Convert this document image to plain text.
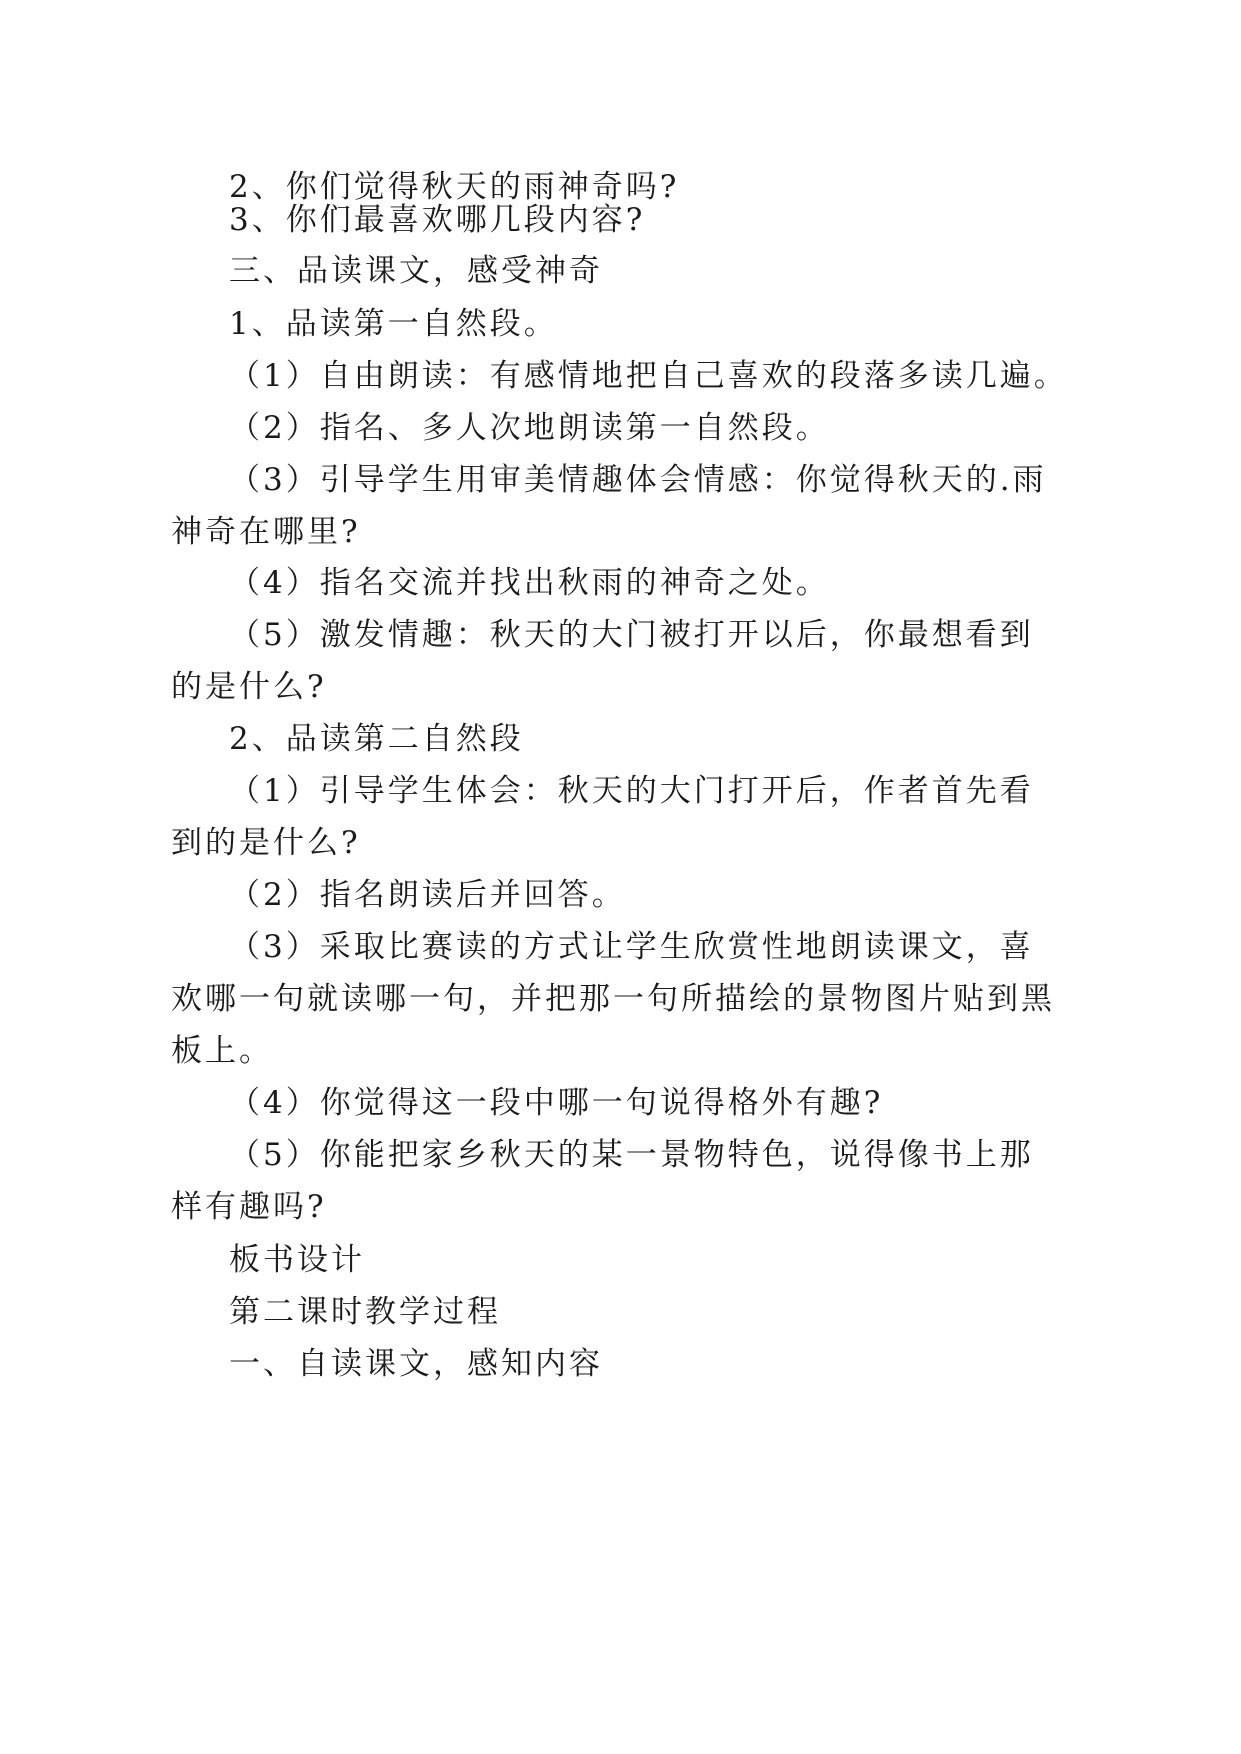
2、你们觉得秋天的雨神奇吗?
3、你们最喜欢哪几段内容?
三、品读课文，感受神奇
1、品读第一自然段。
（1）自由朗读：有感情地把自己喜欢的段落多读几遍。
（2）指名、多人次地朗读第一自然段。
（3）引导学生用审美情趣体会情感：你觉得秋天的.雨
神奇在哪里?
（4）指名交流并找出秋雨的神奇之处。
（5）激发情趣：秋天的大门被打开以后，你最想看到
的是什么?
2、品读第二自然段
（1）引导学生体会：秋天的大门打开后，作者首先看
到的是什么?
（2）指名朗读后并回答。
（3）采取比赛读的方式让学生欣赏性地朗读课文，喜
欢哪一句就读哪一句，并把那一句所描绘的景物图片贴到黑
板上。
（4）你觉得这一段中哪一句说得格外有趣?
（5）你能把家乡秋天的某一景物特色，说得像书上那
样有趣吗?
板书设计
第二课时教学过程
一、自读课文，感知内容
